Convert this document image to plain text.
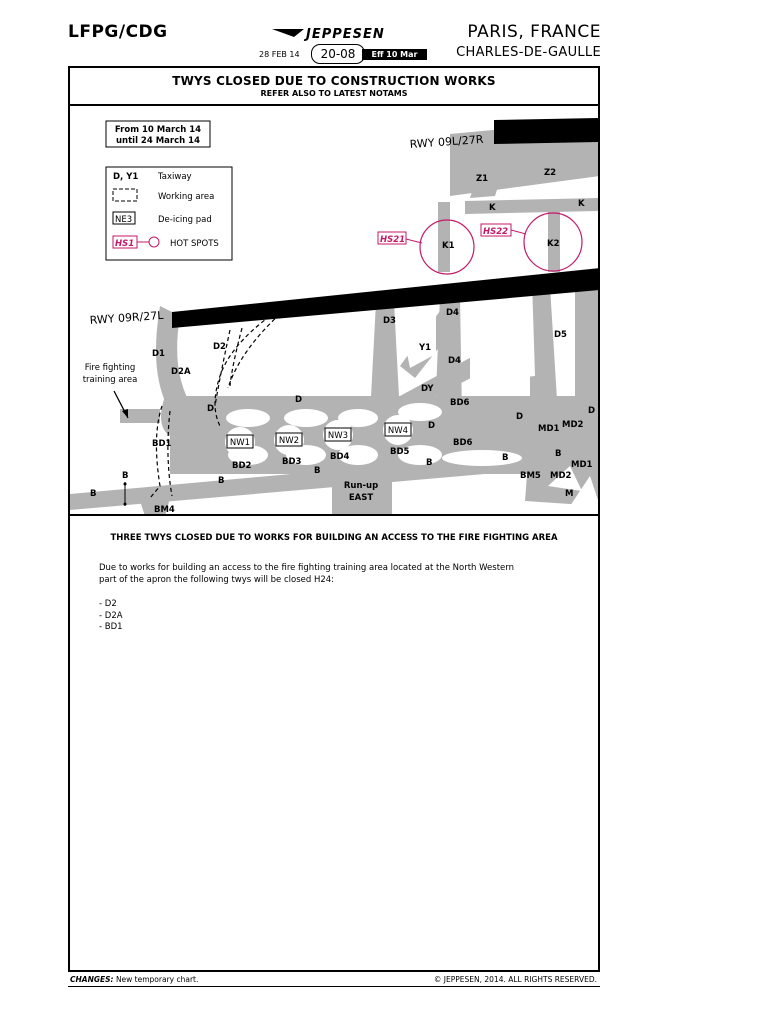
LFPG/CDG	JEPPESEN	PARIS, FRANCE
CHARLES-DE-GAULLE
28 FEB 14	20-08	Eff 10 Mar
TWYS CLOSED DUE TO CONSTRUCTION WORKS
REFER ALSO TO LATEST NOTAMS
From 10 March 14
until 24 March 14
D, Y1 Taxiway
Working area
NE3	De-icing pad
HS1	HOT SPOTS
RWY 09L/27R
RWY 09R/27L
Fire fighting
training area
HS21
HS22
NW1	NW2	NW3	NW4
Run-up
EAST
Z1
Z2
K	K
K1	K2
D3
D4
D5
Y1
D4
DY
BD6
D1
D2
D2A
D
D
D
D
D	MD1 MD2
BD6
BD1
BD2	BD3	BD4	BD5
B
B
B
B
B
B	B
MD1
BM5 MD2
M
BM4
THREE TWYS CLOSED DUE TO WORKS FOR BUILDING AN ACCESS TO THE FIRE FIGHTING AREA
Due to works for building an access to the fire fighting training area located at the North Western
part of the apron the following twys will be closed H24:
- D2
- D2A
- BD1
CHANGES: New temporary chart.	© JEPPESEN, 2014. ALL RIGHTS RESERVED.
